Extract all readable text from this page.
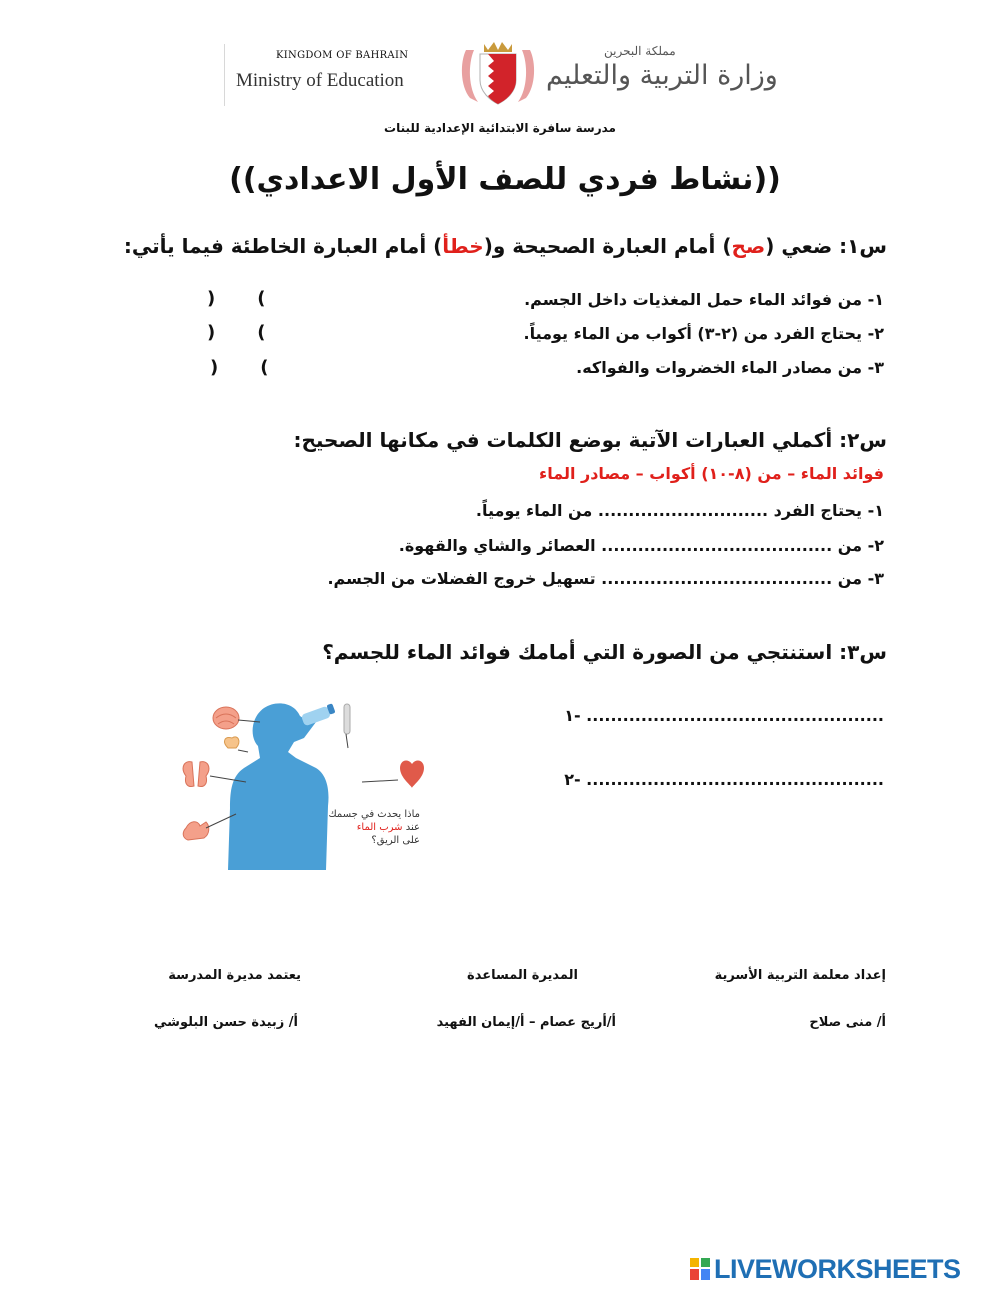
KINGDOM OF BAHRAIN
Ministry of Education
مملكة البحرين
وزارة التربية والتعليم
مدرسة سافرة الابتدائية الإعدادية للبنات
((نشاط فردي للصف الأول الاعدادي))
س١: ضعي (صح) أمام العبارة الصحيحة و(خطأ) أمام العبارة الخاطئة فيما يأتي:
١- من فوائد الماء حمل المغذيات داخل الجسم.
٢- يحتاج الفرد من (٢-٣) أكواب من الماء يومياً.
٣- من مصادر الماء الخضروات والفواكه.
) (
) (
) (
س٢: أكملي العبارات الآتية بوضع الكلمات في مكانها الصحيح:
فوائد الماء – من (٨-١٠) أكواب – مصادر الماء
١- يحتاج الفرد ............................ من الماء يومياً.
٢- من ...................................... العصائر والشاي والقهوة.
٣- من ...................................... تسهيل خروج الفضلات من الجسم.
س٣: استنتجي من الصورة التي أمامك فوائد الماء للجسم؟
١- .................................................
٢- .................................................
ماذا يحدث في جسمك
عند شرب الماء
على الريق؟
إعداد معلمة التربية الأسرية
المديرة المساعدة
يعتمد مديرة المدرسة
أ/ منى صلاح
أ/أريج عصام – أ/إيمان الفهيد
أ/ زبيدة حسن البلوشي
LIVEWORKSHEETS
